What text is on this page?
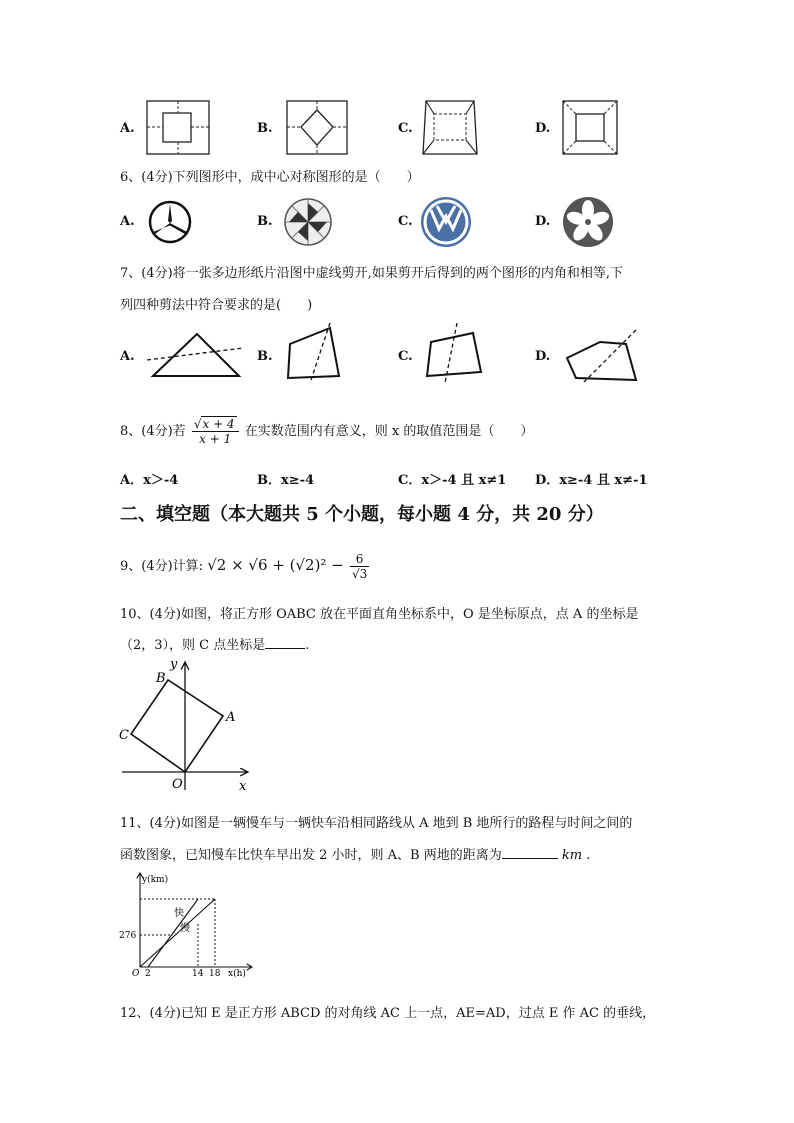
A.	B.	C.	D.
6、(4分)下列图形中，成中心对称图形的是（　　）
A.	B.	C.	D.
7、(4分)将一张多边形纸片沿图中虚线剪开,如果剪开后得到的两个图形的内角和相等,下
列四种剪法中符合要求的是(　　)
A.	B.	C.	D.
8、(4分)若 $\frac{√x + 4}{x + 1}$ 在实数范围内有意义，则 x 的取值范围是（　　）
A．x＞-4	B．x≥-4	C．x＞-4 且 x≠1 D．x≥-4 且 x≠-1
二、填空题（本大题共 5 个小题，每小题 4 分，共 20 分）
9、(4分)计算: $√2 \times √6 + (√2)^2 - \frac{6}{√3}$
10、(4分)如图，将正方形 OABC 放在平面直角坐标系中，O 是坐标原点，点 A 的坐标是
（2，3），则 C 点坐标是	.
B
A
C
O	x
y
11、(4分)如图是一辆慢车与一辆快车沿相同路线从 A 地到 B 地所行的路程与时间之间的
函数图象，已知慢车比快车早出发 2 小时，则 A、B 两地的距离为	km .
y(km)
x(h)
快
慢
276
O 2	14 18
12、(4分)已知 E 是正方形 ABCD 的对角线 AC 上一点，AE=AD，过点 E 作 AC 的垂线，
